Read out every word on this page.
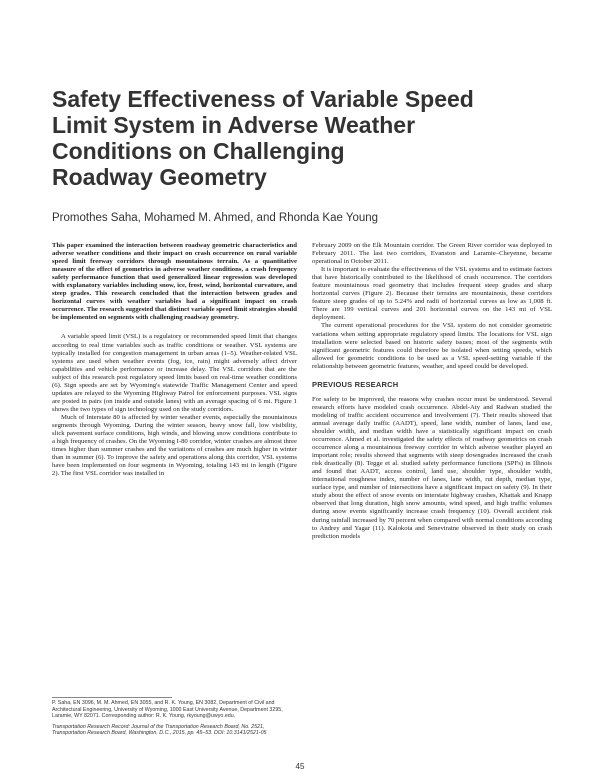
Safety Effectiveness of Variable Speed
Limit System in Adverse Weather
Conditions on Challenging
Roadway Geometry
Promothes Saha, Mohamed M. Ahmed, and Rhonda Kae Young

This paper examined the interaction between roadway geometric characteristics and adverse weather conditions and their impact on crash occurrence on rural variable speed limit freeway corridors through mountainous terrain. As a quantitative measure of the effect of geometrics in adverse weather conditions, a crash frequency safety performance function that used generalized linear regression was developed with explanatory variables including snow, ice, frost, wind, horizontal curvature, and steep grades. This research concluded that the interaction between grades and horizontal curves with weather variables had a significant impact on crash occurrence. The research suggested that distinct variable speed limit strategies should be implemented on segments with challenging roadway geometry.

A variable speed limit (VSL) is a regulatory or recommended speed limit that changes according to real time variables such as traffic conditions or weather. VSL systems are typically installed for congestion management in urban areas (1–5). Weather-related VSL systems are used when weather events (fog, ice, rain) might adversely affect driver capabilities and vehicle performance or increase delay. The VSL corridors that are the subject of this research post regulatory speed limits based on real-time weather conditions (6). Sign speeds are set by Wyoming's statewide Traffic Management Center and speed updates are relayed to the Wyoming Highway Patrol for enforcement purposes. VSL signs are posted in pairs (on inside and outside lanes) with an average spacing of 6 mi. Figure 1 shows the two types of sign technology used on the study corridors.

Much of Interstate 80 is affected by winter weather events, especially the mountainous segments through Wyoming. During the winter season, heavy snow fall, low visibility, slick pavement surface conditions, high winds, and blowing snow conditions contribute to a high frequency of crashes. On the Wyoming I-80 corridor, winter crashes are almost three times higher than summer crashes and the variations of crashes are much higher in winter than in summer (6). To improve the safety and operations along this corridor, VSL systems have been implemented on four segments in Wyoming, totaling 143 mi in length (Figure 2). The first VSL corridor was installed in

February 2009 on the Elk Mountain corridor. The Green River corridor was deployed in February 2011. The last two corridors, Evanston and Laramie–Cheyenne, became operational in October 2011.

It is important to evaluate the effectiveness of the VSL systems and to estimate factors that have historically contributed to the likelihood of crash occurrence. The corridors feature mountainous road geometry that includes frequent steep grades and sharp horizontal curves (Figure 2). Because their terrains are mountainous, these corridors feature steep grades of up to 5.24% and radii of horizontal curves as low as 1,008 ft. There are 199 vertical curves and 201 horizontal curves on the 143 mi of VSL deployment.

The current operational procedures for the VSL system do not consider geometric variations when setting appropriate regulatory speed limits. The locations for VSL sign installation were selected based on historic safety issues; most of the segments with significant geometric features could therefore be isolated when setting speeds, which allowed for geometric conditions to be used as a VSL speed-setting variable if the relationship between geometric features, weather, and speed could be developed.

PREVIOUS RESEARCH

For safety to be improved, the reasons why crashes occur must be understood. Several research efforts have modeled crash occurrence. Abdel-Aty and Radwan studied the modeling of traffic accident occurrence and involvement (7). Their results showed that annual average daily traffic (AADT), speed, lane width, number of lanes, land use, shoulder width, and median width have a statistically significant impact on crash occurrence. Ahmed et al. investigated the safety effects of roadway geometrics on crash occurrence along a mountainous freeway corridor in which adverse weather played an important role; results showed that segments with steep downgrades increased the crash risk drastically (8). Tegge et al. studied safety performance functions (SPFs) in Illinois and found that AADT, access control, land use, shoulder type, shoulder width, international roughness index, number of lanes, lane width, rut depth, median type, surface type, and number of intersections have a significant impact on safety (9). In their study about the effect of snow events on interstate highway crashes, Khattak and Knapp observed that long duration, high snow amounts, wind speed, and high traffic volumes during snow events significantly increase crash frequency (10). Overall accident risk during rainfall increased by 70 percent when compared with normal conditions according to Andrey and Yagar (11). Kalokota and Seneviratne observed in their study on crash prediction models

P. Saha, EN 3096, M. M. Ahmed, EN 3055, and R. K. Young, EN 3082, Department of Civil and Architectural Engineering, University of Wyoming, 1000 East University Avenue, Department 3295, Laramie, WY 82071. Corresponding author: R. K. Young, rkyoung@uwyo.edu.

Transportation Research Record: Journal of the Transportation Research Board, No. 2521, Transportation Research Board, Washington, D.C., 2015, pp. 45–53. DOI: 10.3141/2521-05

45
